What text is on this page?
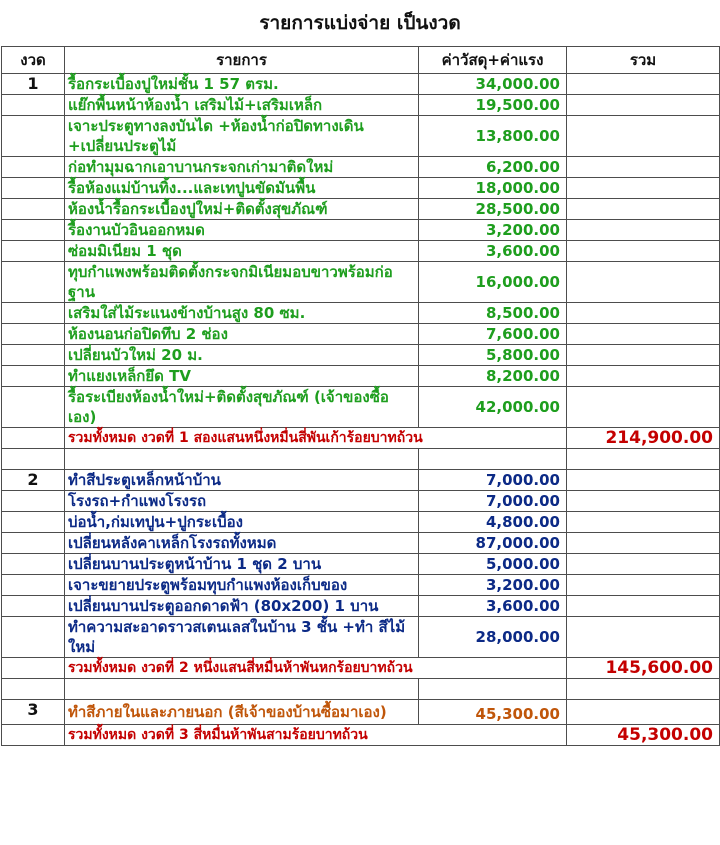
รายการแบ่งจ่าย เป็นงวด
งวด	รายการ	ค่าวัสดุ+ค่าแรง	รวม
1	รื้อกระเบื้องปูใหม่ชั้น 1 57 ตรม.	34,000.00	
	แย๊กพื้นหน้าห้องน้ำ เสริมไม้+เสริมเหล็ก	19,500.00	
	เจาะประตูทางลงบันได +ห้องน้ำก่อปิดทางเดิน +เปลี่ยนประตูไม้	13,800.00	
	ก่อทำมุมฉากเอาบานกระจกเก่ามาติดใหม่	6,200.00	
	รื้อห้องแม่บ้านทิ้ง...และเทปูนขัดมันพื้น	18,000.00	
	ห้องน้ำรื้อกระเบื้องปูใหม่+ติดตั้งสุขภัณฑ์	28,500.00	
	รื้องานบัวอินออกหมด	3,200.00	
	ซ่อมมิเนียม 1 ชุด	3,600.00	
	ทุบกำแพงพร้อมติดตั้งกระจกมิเนียมอบขาวพร้อมก่อฐาน	16,000.00	
	เสริมใส่ไม้ระแนงข้างบ้านสูง 80 ซม.	8,500.00	
	ห้องนอนก่อปิดทึบ 2 ช่อง	7,600.00	
	เปลี่ยนบัวใหม่ 20 ม.	5,800.00	
	ทำแยงเหล็กยึด TV	8,200.00	
	รื้อระเบียงห้องน้ำใหม่+ติดตั้งสุขภัณฑ์ (เจ้าของซื้อเอง)	42,000.00	
	รวมทั้งหมด งวดที่ 1 สองแสนหนึ่งหมื่นสี่พันเก้าร้อยบาทถ้วน		214,900.00

2	ทำสีประตูเหล็กหน้าบ้าน	7,000.00	
	โรงรถ+กำแพงโรงรถ	7,000.00	
	บ่อน้ำ,ก่มเทปูน+ปูกระเบื้อง	4,800.00	
	เปลี่ยนหลังคาเหล็กโรงรถทั้งหมด	87,000.00	
	เปลี่ยนบานประตูหน้าบ้าน 1 ชุด 2 บาน	5,000.00	
	เจาะขยายประตูพร้อมทุบกำแพงห้องเก็บของ	3,200.00	
	เปลี่ยนบานประตูออกดาดฟ้า (80x200) 1 บาน	3,600.00	
	ทำความสะอาดราวสเตนเลสในบ้าน 3 ชั้น +ทำ สีไม้ใหม่	28,000.00	
	รวมทั้งหมด งวดที่ 2 หนึ่งแสนสี่หมื่นห้าพันหกร้อยบาทถ้วน		145,600.00

3	ทำสีภายในและภายนอก (สีเจ้าของบ้านซื้อมาเอง)	45,300.00	
	รวมทั้งหมด งวดที่ 3 สี่หมื่นห้าพันสามร้อยบาทถ้วน		45,300.00
